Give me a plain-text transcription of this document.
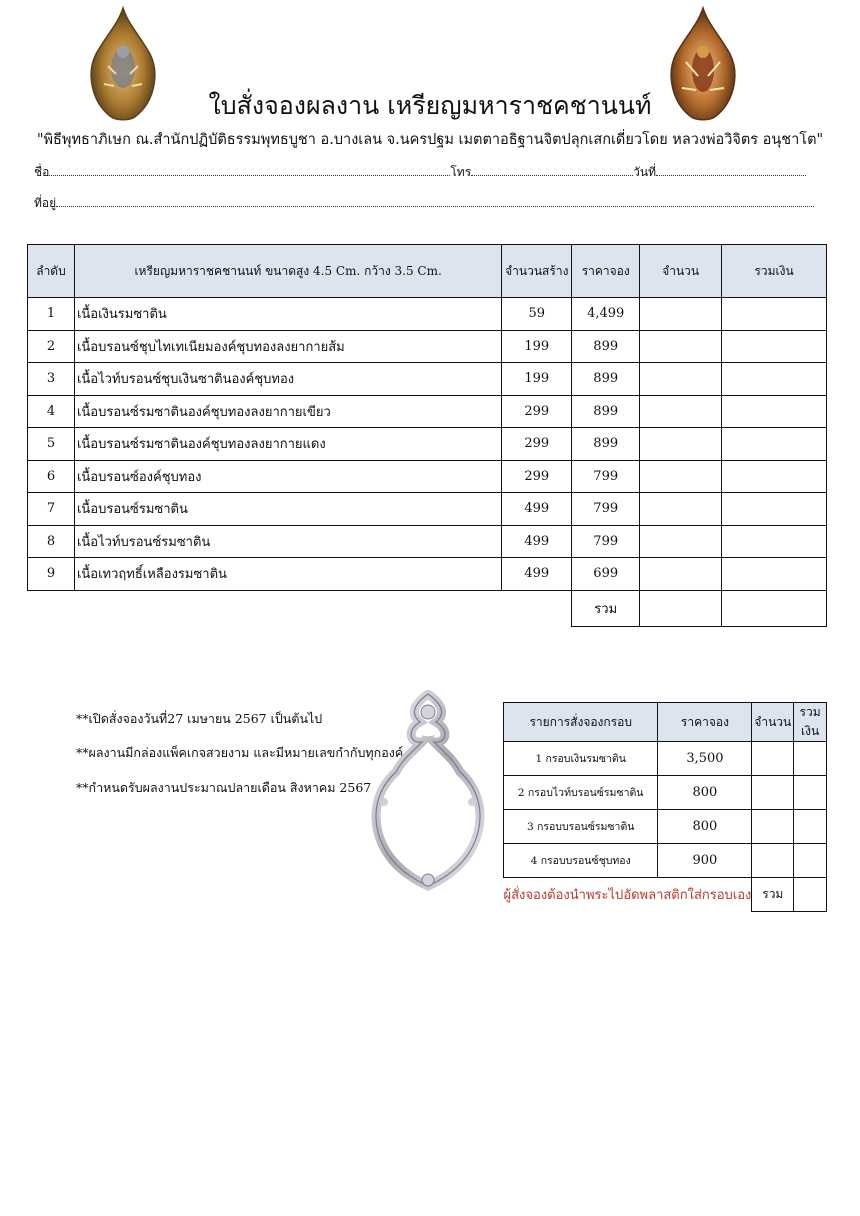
ใบสั่งจองผลงาน เหรียญมหาราชคชานนท์
"พิธีพุทธาภิเษก ณ.สำนักปฏิบัติธรรมพุทธบูชา อ.บางเลน จ.นครปฐม เมตตาอธิฐานจิตปลุกเสกเดี่ยวโดย หลวงพ่อวิจิตร อนุชาโต"
ชื่อ	โทร	วันที่
ที่อยู่
ลำดับ	เหรียญมหาราชคชานนท์ ขนาดสูง 4.5 Cm. กว้าง 3.5 Cm.	จำนวนสร้าง	ราคาจอง	จำนวน	รวมเงิน
1	เนื้อเงินรมซาติน	59	4,499		
2	เนื้อบรอนซ์ชุบไทเทเนียมองค์ชุบทองลงยากายส้ม	199	899		
3	เนื้อไวท์บรอนซ์ชุบเงินซาตินองค์ชุบทอง	199	899		
4	เนื้อบรอนซ์รมซาตินองค์ชุบทองลงยากายเขียว	299	899		
5	เนื้อบรอนซ์รมซาตินองค์ชุบทองลงยากายแดง	299	899		
6	เนื้อบรอนซ์องค์ชุบทอง	299	799		
7	เนื้อบรอนซ์รมซาติน	499	799		
8	เนื้อไวท์บรอนซ์รมซาติน	499	799		
9	เนื้อเทวฤทธิ์เหลืองรมซาติน	499	699		
			รวม		
**เปิดสั่งจองวันที่27 เมษายน 2567 เป็นต้นไป
**ผลงานมีกล่องแพ็คเกจสวยงาม และมีหมายเลขกำกับทุกองค์
**กำหนดรับผลงานประมาณปลายเดือน สิงหาคม 2567
รายการสั่งจองกรอบ	ราคาจอง	จำนวน	รวมเงิน
1 กรอบเงินรมซาติน	3,500		
2 กรอบไวท์บรอนซ์รมซาติน	800		
3 กรอบบรอนซ์รมซาติน	800		
4 กรอบบรอนซ์ชุบทอง	900		
ผู้สั่งจองต้องนำพระไปอัดพลาสติกใส่กรอบเอง		รวม	
